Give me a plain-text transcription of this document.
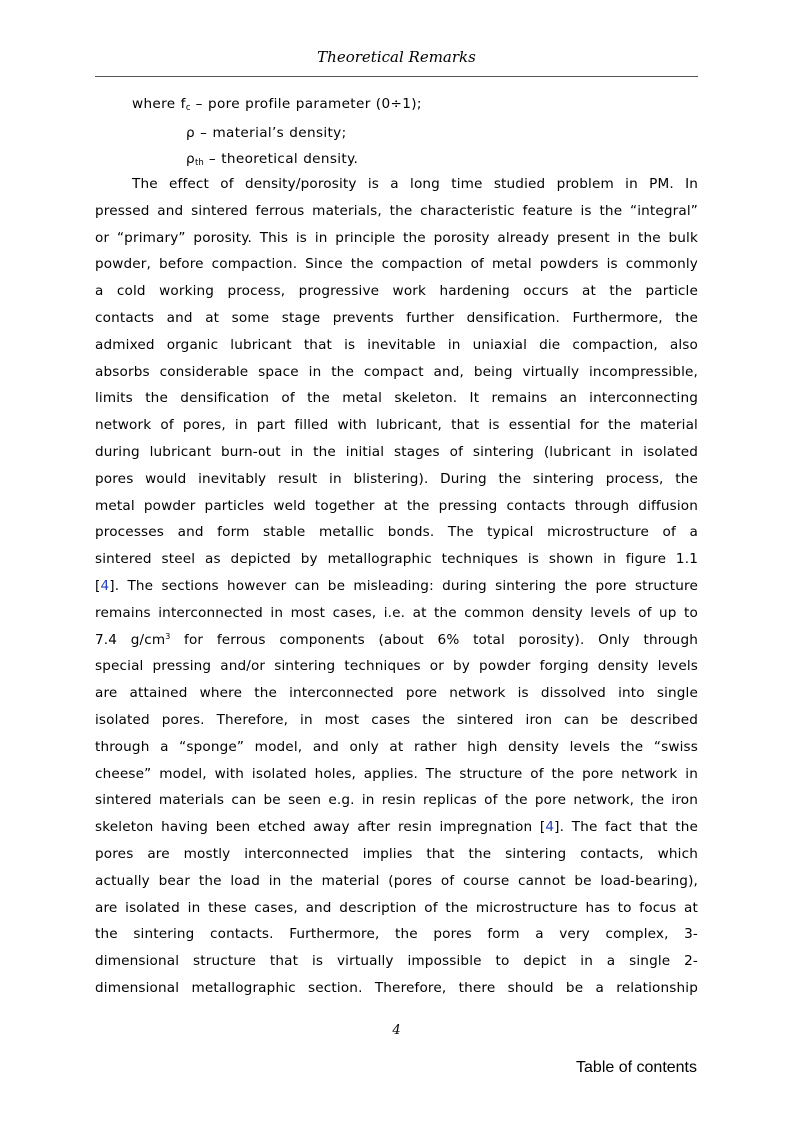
Theoretical Remarks
where fc – pore profile parameter (0÷1);
ρ – material’s density;
ρth – theoretical density.
The effect of density/porosity is a long time studied problem in PM. In
pressed and sintered ferrous materials, the characteristic feature is the “integral”
or “primary” porosity. This is in principle the porosity already present in the bulk
powder, before compaction. Since the compaction of metal powders is commonly
a cold working process, progressive work hardening occurs at the particle
contacts and at some stage prevents further densification. Furthermore, the
admixed organic lubricant that is inevitable in uniaxial die compaction, also
absorbs considerable space in the compact and, being virtually incompressible,
limits the densification of the metal skeleton. It remains an interconnecting
network of pores, in part filled with lubricant, that is essential for the material
during lubricant burn-out in the initial stages of sintering (lubricant in isolated
pores would inevitably result in blistering). During the sintering process, the
metal powder particles weld together at the pressing contacts through diffusion
processes and form stable metallic bonds. The typical microstructure of a
sintered steel as depicted by metallographic techniques is shown in figure 1.1
[4]. The sections however can be misleading: during sintering the pore structure
remains interconnected in most cases, i.e. at the common density levels of up to
7.4 $g/cm^3$ for ferrous components (about 6% total porosity). Only through
special pressing and/or sintering techniques or by powder forging density levels
are attained where the interconnected pore network is dissolved into single
isolated pores. Therefore, in most cases the sintered iron can be described
through a “sponge” model, and only at rather high density levels the “swiss
cheese” model, with isolated holes, applies. The structure of the pore network in
sintered materials can be seen e.g. in resin replicas of the pore network, the iron
skeleton having been etched away after resin impregnation [4]. The fact that the
pores are mostly interconnected implies that the sintering contacts, which
actually bear the load in the material (pores of course cannot be load-bearing),
are isolated in these cases, and description of the microstructure has to focus at
the sintering contacts. Furthermore, the pores form a very complex, 3-
dimensional structure that is virtually impossible to depict in a single 2-
dimensional metallographic section. Therefore, there should be a relationship
4
Table of contents
